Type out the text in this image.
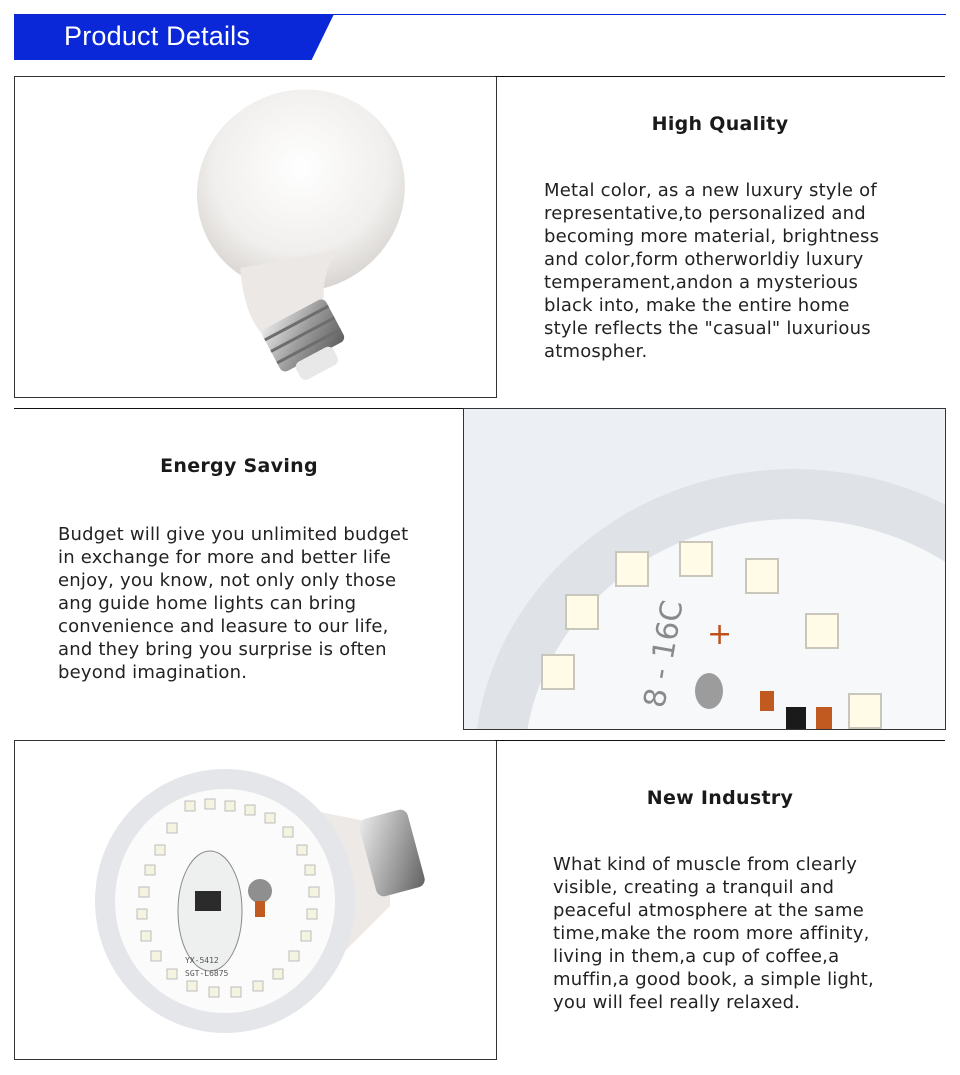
Product Details
High Quality
Metal color, as a new luxury style of
representative,to personalized and
becoming more material, brightness
and color,form otherworldiy luxury
temperament,andon a mysterious
black into, make the entire home
style reflects the "casual" luxurious
atmospher.
Energy Saving
Budget will give you unlimited budget
in exchange for more and better life
enjoy, you know, not only only those
ang guide home lights can bring
convenience and leasure to our life,
and they bring you surprise is often
beyond imagination.	8 - 16C +
YX-5412
SGT-L6875
New Industry
What kind of muscle from clearly
visible, creating a tranquil and
peaceful atmosphere at the same
time,make the room more affinity,
living in them,a cup of coffee,a
muffin,a good book, a simple light,
you will feel really relaxed.
